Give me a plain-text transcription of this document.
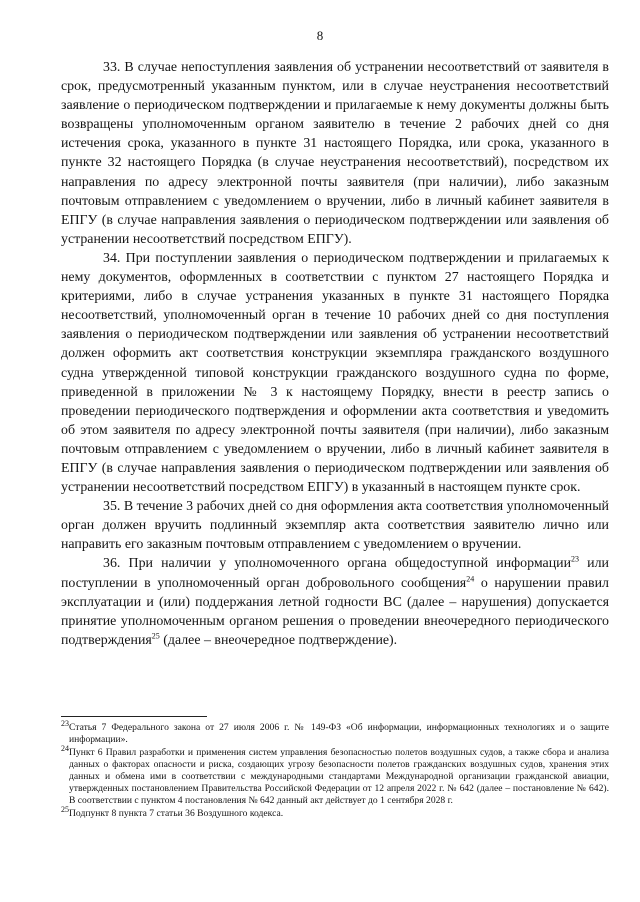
8

33. В случае непоступления заявления об устранении несоответствий от заявителя в срок, предусмотренный указанным пунктом, или в случае неустранения несоответствий заявление о периодическом подтверждении и прилагаемые к нему документы должны быть возвращены уполномоченным органом заявителю в течение 2 рабочих дней со дня истечения срока, указанного в пункте 31 настоящего Порядка, или срока, указанного в пункте 32 настоящего Порядка (в случае неустранения несоответствий), посредством их направления по адресу электронной почты заявителя (при наличии), либо заказным почтовым отправлением с уведомлением о вручении, либо в личный кабинет заявителя в ЕПГУ (в случае направления заявления о периодическом подтверждении или заявления об устранении несоответствий посредством ЕПГУ).

34. При поступлении заявления о периодическом подтверждении и прилагаемых к нему документов, оформленных в соответствии с пунктом 27 настоящего Порядка и критериями, либо в случае устранения указанных в пункте 31 настоящего Порядка несоответствий, уполномоченный орган в течение 10 рабочих дней со дня поступления заявления о периодическом подтверждении или заявления об устранении несоответствий должен оформить акт соответствия конструкции экземпляра гражданского воздушного судна утвержденной типовой конструкции гражданского воздушного судна по форме, приведенной в приложении № 3 к настоящему Порядку, внести в реестр запись о проведении периодического подтверждения и оформлении акта соответствия и уведомить об этом заявителя по адресу электронной почты заявителя (при наличии), либо заказным почтовым отправлением с уведомлением о вручении, либо в личный кабинет заявителя в ЕПГУ (в случае направления заявления о периодическом подтверждении или заявления об устранении несоответствий посредством ЕПГУ) в указанный в настоящем пункте срок.

35. В течение 3 рабочих дней со дня оформления акта соответствия уполномоченный орган должен вручить подлинный экземпляр акта соответствия заявителю лично или направить его заказным почтовым отправлением с уведомлением о вручении.

36. При наличии у уполномоченного органа общедоступной информации$^{23}$ или поступлении в уполномоченный орган добровольного сообщения$^{24}$ о нарушении правил эксплуатации и (или) поддержания летной годности ВС (далее – нарушения) допускается принятие уполномоченным органом решения о проведении внеочередного периодического подтверждения$^{25}$ (далее – внеочередное подтверждение).

$^{23}$Статья 7 Федерального закона от 27 июля 2006 г. № 149-ФЗ «Об информации, информационных технологиях и о защите информации».

$^{24}$Пункт 6 Правил разработки и применения систем управления безопасностью полетов воздушных судов, а также сбора и анализа данных о факторах опасности и риска, создающих угрозу безопасности полетов гражданских воздушных судов, хранения этих данных и обмена ими в соответствии с международными стандартами Международной организации гражданской авиации, утвержденных постановлением Правительства Российской Федерации от 12 апреля 2022 г. № 642 (далее – постановление № 642). В соответствии с пунктом 4 постановления № 642 данный акт действует до 1 сентября 2028 г.

$^{25}$Подпункт 8 пункта 7 статьи 36 Воздушного кодекса.
